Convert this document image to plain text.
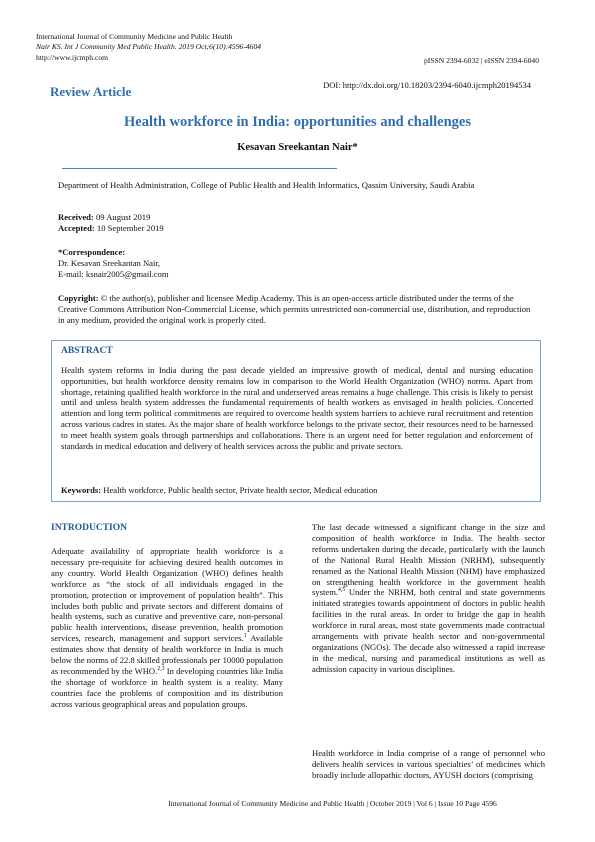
International Journal of Community Medicine and Public Health
Nair KS. Int J Community Med Public Health. 2019 Oct;6(10):4596-4604
http://www.ijcmph.com	pISSN 2394-6032 | eISSN 2394-6040
Review Article	DOI: http://dx.doi.org/10.18203/2394-6040.ijcmph20194534
Health workforce in India: opportunities and challenges
Kesavan Sreekantan Nair*
Department of Health Administration, College of Public Health and Health Informatics, Qassim University, Saudi Arabia
Received: 09 August 2019
Accepted: 10 September 2019
*Correspondence:
Dr. Kesavan Sreekantan Nair,
E-mail: ksnair2005@gmail.com
Copyright: © the author(s), publisher and licensee Medip Academy. This is an open-access article distributed under the terms of the Creative Commons Attribution Non-Commercial License, which permits unrestricted non-commercial use, distribution, and reproduction in any medium, provided the original work is properly cited.
ABSTRACT
Health system reforms in India during the past decade yielded an impressive growth of medical, dental and nursing education opportunities, but health workforce density remains low in comparison to the World Health Organization (WHO) norms. Apart from shortage, retaining qualified health workforce in the rural and underserved areas remains a huge challenge. This crisis is likely to persist until and unless health system addresses the fundamental requirements of health workers as envisaged in health policies. Concerted attention and long term political commitments are required to overcome health system barriers to achieve rural recruitment and retention across various cadres in states. As the major share of health workforce belongs to the private sector, their resources need to be harnessed to meet health system goals through partnerships and collaborations. There is an urgent need for better regulation and enforcement of standards in medical education and delivery of health services across the public and private sectors.
Keywords: Health workforce, Public health sector, Private health sector, Medical education
INTRODUCTION
Adequate availability of appropriate health workforce is a necessary pre-requisite for achieving desired health outcomes in any country. World Health Organization (WHO) defines health workforce as “the stock of all individuals engaged in the promotion, protection or improvement of population health”. This includes both public and private sectors and different domains of health systems, such as curative and preventive care, non-personal public health interventions, disease prevention, health promotion services, research, management and support services.$^1$ Available estimates show that density of health workforce in India is much below the norms of 22.8 skilled professionals per 10000 population as recommended by the WHO.$^{2,3}$ In developing countries like India the shortage of workforce in health system is a reality. Many countries face the problems of composition and its distribution across various geographical areas and population groups.
The last decade witnessed a significant change in the size and composition of health workforce in India. The health sector reforms undertaken during the decade, particularly with the launch of the National Rural Health Mission (NRHM), subsequently renamed as the National Health Mission (NHM) have emphasized on strengthening health workforce in the government health system.$^{4,5}$ Under the NRHM, both central and state governments initiated strategies towards appointment of doctors in public health facilities in the rural areas. In order to bridge the gap in health workforce in rural areas, most state governments made contractual arrangements with private health sector and non-governmental organizations (NGOs). The decade also witnessed a rapid increase in the medical, nursing and paramedical institutions as well as admission capacity in various disciplines.
Health workforce in India comprise of a range of personnel who delivers health services in various specialties’ of medicines which broadly include allopathic doctors, AYUSH doctors (comprising
International Journal of Community Medicine and Public Health | October 2019 | Vol 6 | Issue 10 Page 4596
